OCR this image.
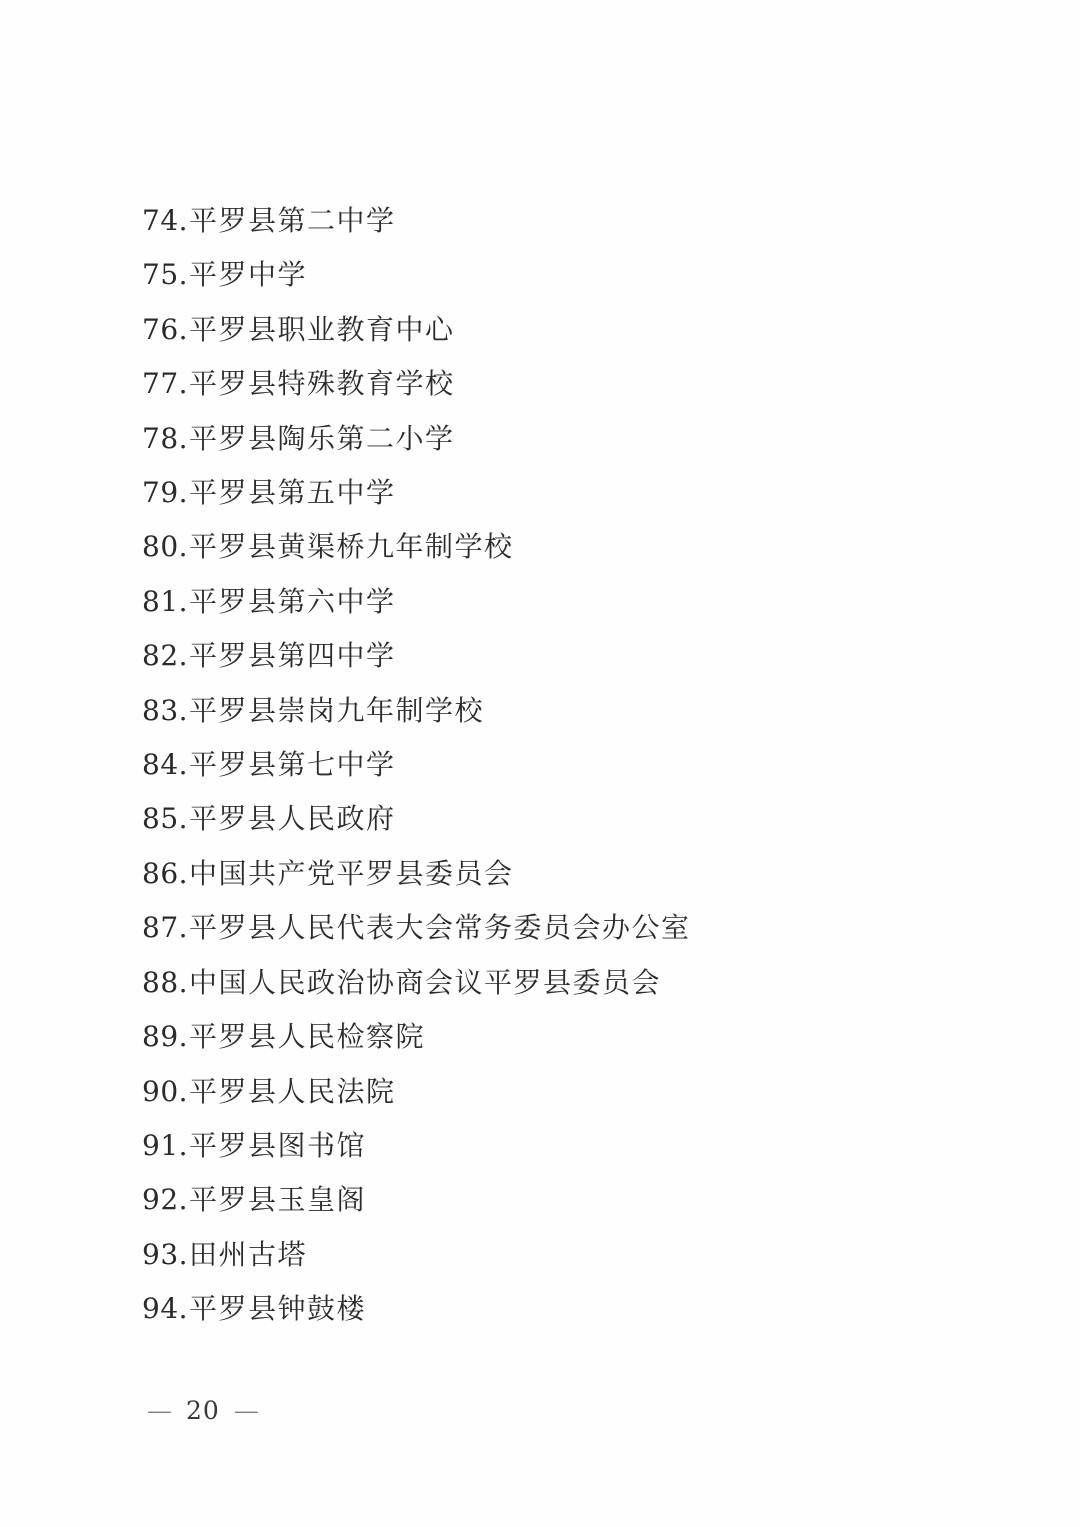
74.平罗县第二中学
75.平罗中学
76.平罗县职业教育中心
77.平罗县特殊教育学校
78.平罗县陶乐第二小学
79.平罗县第五中学
80.平罗县黄渠桥九年制学校
81.平罗县第六中学
82.平罗县第四中学
83.平罗县崇岗九年制学校
84.平罗县第七中学
85.平罗县人民政府
86.中国共产党平罗县委员会
87.平罗县人民代表大会常务委员会办公室
88.中国人民政治协商会议平罗县委员会
89.平罗县人民检察院
90.平罗县人民法院
91.平罗县图书馆
92.平罗县玉皇阁
93.田州古塔
94.平罗县钟鼓楼
— 20 —
